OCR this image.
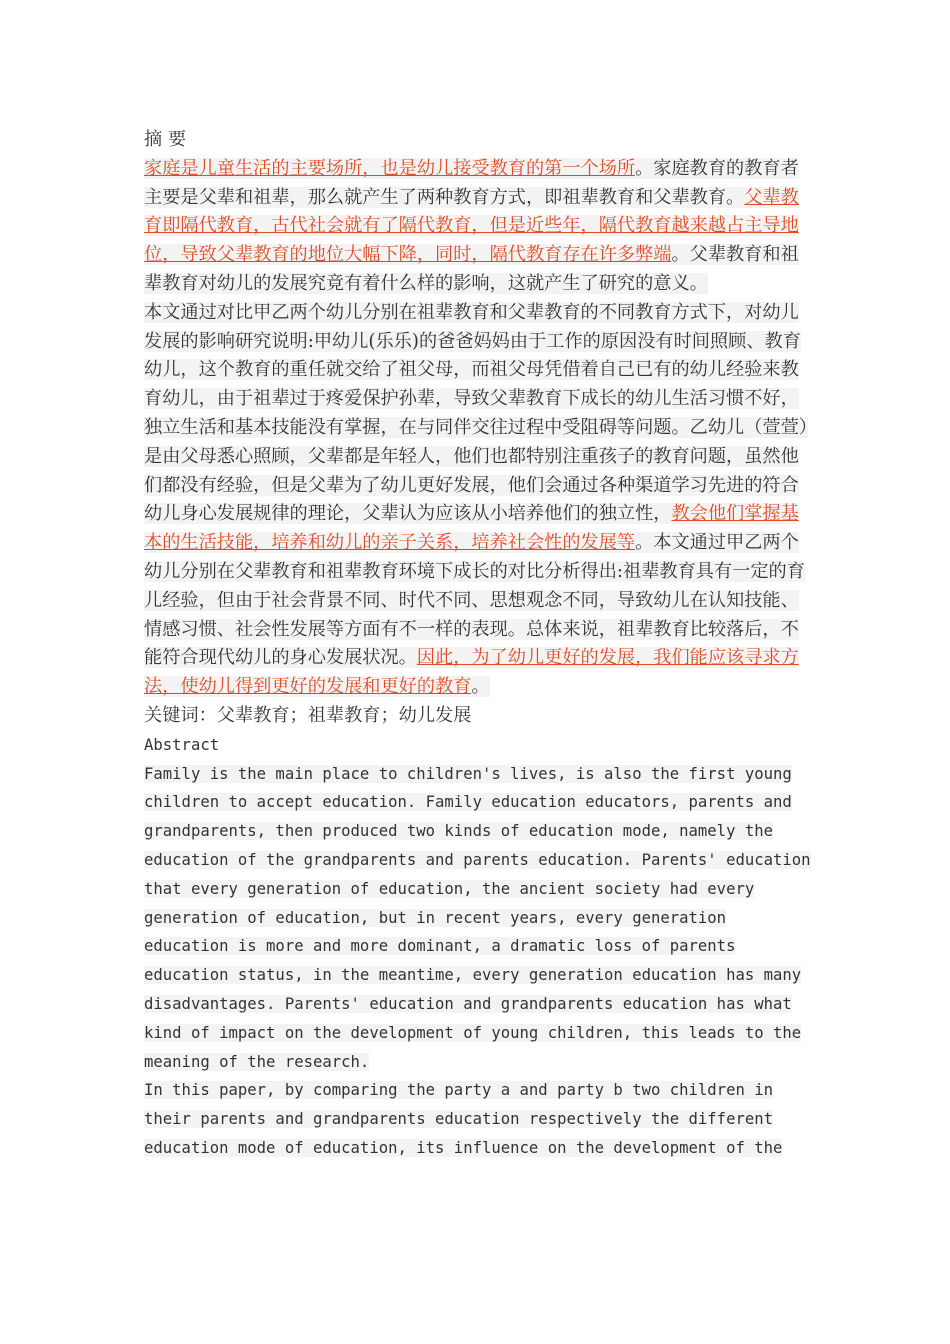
摘 要

家庭是儿童生活的主要场所，也是幼儿接受教育的第一个场所。家庭教育的教育者主要是父辈和祖辈，那么就产生了两种教育方式，即祖辈教育和父辈教育。父辈教育即隔代教育，古代社会就有了隔代教育，但是近些年，隔代教育越来越占主导地位，导致父辈教育的地位大幅下降，同时，隔代教育存在许多弊端。父辈教育和祖辈教育对幼儿的发展究竟有着什么样的影响，这就产生了研究的意义。

本文通过对比甲乙两个幼儿分别在祖辈教育和父辈教育的不同教育方式下，对幼儿发展的影响研究说明:甲幼儿(乐乐)的爸爸妈妈由于工作的原因没有时间照顾、教育幼儿，这个教育的重任就交给了祖父母，而祖父母凭借着自己已有的幼儿经验来教育幼儿，由于祖辈过于疼爱保护孙辈，导致父辈教育下成长的幼儿生活习惯不好，独立生活和基本技能没有掌握，在与同伴交往过程中受阻碍等问题。乙幼儿（萱萱）是由父母悉心照顾，父辈都是年轻人，他们也都特别注重孩子的教育问题，虽然他们都没有经验，但是父辈为了幼儿更好发展，他们会通过各种渠道学习先进的符合幼儿身心发展规律的理论，父辈认为应该从小培养他们的独立性，教会他们掌握基本的生活技能，培养和幼儿的亲子关系，培养社会性的发展等。本文通过甲乙两个幼儿分别在父辈教育和祖辈教育环境下成长的对比分析得出:祖辈教育具有一定的育儿经验，但由于社会背景不同、时代不同、思想观念不同，导致幼儿在认知技能、情感习惯、社会性发展等方面有不一样的表现。总体来说，祖辈教育比较落后，不能符合现代幼儿的身心发展状况。因此，为了幼儿更好的发展，我们能应该寻求方法，使幼儿得到更好的发展和更好的教育。

关键词：父辈教育；祖辈教育；幼儿发展

Abstract

Family is the main place to children's lives, is also the first young children to accept education. Family education educators, parents and grandparents, then produced two kinds of education mode, namely the education of the grandparents and parents education. Parents' education that every generation of education, the ancient society had every generation of education, but in recent years, every generation education is more and more dominant, a dramatic loss of parents education status, in the meantime, every generation education has many disadvantages. Parents' education and grandparents education has what kind of impact on the development of young children, this leads to the meaning of the research.

In this paper, by comparing the party a and party b two children in their parents and grandparents education respectively the different education mode of education, its influence on the development of the
